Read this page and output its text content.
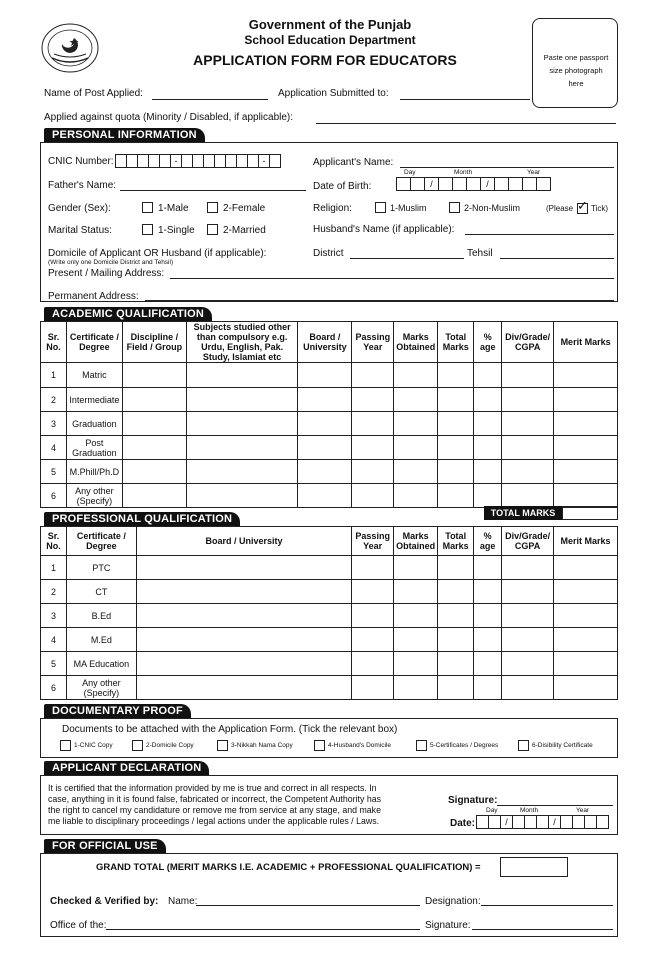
Government of the Punjab
School Education Department
APPLICATION FORM FOR EDUCATORS	Paste one passport size photograph here
Name of Post Applied:	Application Submitted to:
Applied against quota (Minority / Disabled, if applicable):
PERSONAL INFORMATION
CNIC Number:	-	-	Applicant's Name:
Father's Name:	Date of Birth:
Day	Month	Year
/	/
Gender (Sex):	1-Male	2-Female	Religion:	1-Muslim	2-Non-Muslim	(Please ✓ Tick)
Marital Status:	1-Single	2-Married	Husband's Name (if applicable):
Domicile of Applicant OR Husband (if applicable):
(Write only one Domicile District and Tehsil)
District	Tehsil
Present / Mailing Address:
Permanent Address:
ACADEMIC QUALIFICATION
Sr. No.	Certificate / Degree	Discipline / Field / Group	Subjects studied other than compulsory e.g. Urdu, English, Pak. Study, Islamiat etc	Board / University	Passing Year	Marks Obtained	Total Marks	% age	Div/Grade/ CGPA	Merit Marks
1	Matric									
2	Intermediate									
3	Graduation									
4	Post Graduation									
5	M.Phill/Ph.D									
6	Any other (Specify)									
TOTAL MARKS
PROFESSIONAL QUALIFICATION
Sr. No.	Certificate / Degree	Board / University	Passing Year	Marks Obtained	Total Marks	% age	Div/Grade/ CGPA	Merit Marks
1	PTC							
2	CT							
3	B.Ed							
4	M.Ed							
5	MA Education							
6	Any other (Specify)							
DOCUMENTARY PROOF
Documents to be attached with the Application Form. (Tick the relevant box)
1-CNIC Copy	2-Domicile Copy	3-Nikkah Nama Copy	4-Husband's Domicile	5-Certificates / Degrees	6-Disibility Certificate
APPLICANT DECLARATION
It is certified that the information provided by me is true and correct in all respects. In
case, anything in it is found false, fabricated or incorrect, the Competent Authority has
the right to cancel my candidature or remove me from service at any stage, and make
me liable to disciplinary proceedings / legal actions under the applicable rules / Laws.
Signature:
Day	Month	Year
Date:	/	/
FOR OFFICIAL USE
GRAND TOTAL (MERIT MARKS I.E. ACADEMIC + PROFESSIONAL QUALIFICATION) =
Checked & Verified by: Name:	Designation:
Office of the:	Signature:
